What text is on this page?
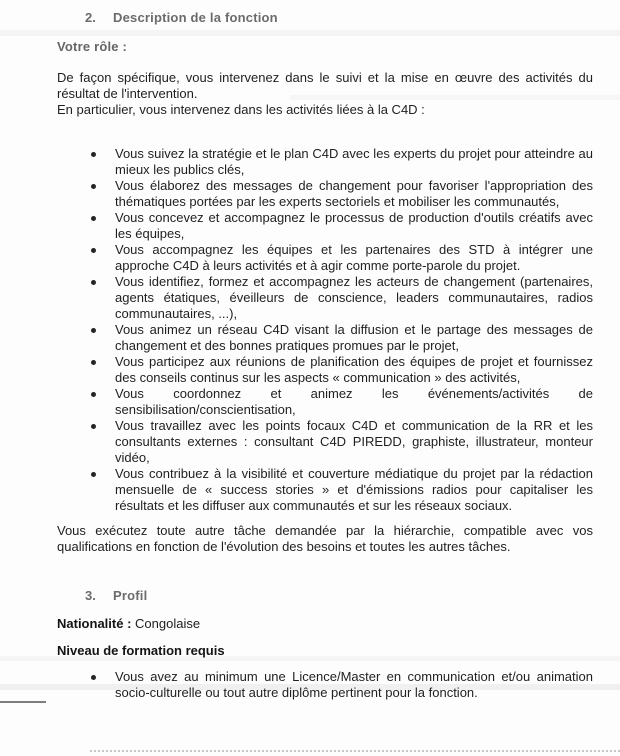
2. Description de la fonction
Votre rôle :

De façon spécifique, vous intervenez dans le suivi et la mise en œuvre des activités du résultat de l'intervention.

En particulier, vous intervenez dans les activités liées à la C4D :

Vous suivez la stratégie et le plan C4D avec les experts du projet pour atteindre au mieux les publics clés,
Vous élaborez des messages de changement pour favoriser l'appropriation des thématiques portées par les experts sectoriels et mobiliser les communautés,
Vous concevez et accompagnez le processus de production d'outils créatifs avec les équipes,
Vous accompagnez les équipes et les partenaires des STD à intégrer une approche C4D à leurs activités et à agir comme porte-parole du projet.
Vous identifiez, formez et accompagnez les acteurs de changement (partenaires, agents étatiques, éveilleurs de conscience, leaders communautaires, radios communautaires, ...),
Vous animez un réseau C4D visant la diffusion et le partage des messages de changement et des bonnes pratiques promues par le projet,
Vous participez aux réunions de planification des équipes de projet et fournissez des conseils continus sur les aspects « communication » des activités,
Vous coordonnez et animez les événements/activités de sensibilisation/conscientisation,
Vous travaillez avec les points focaux C4D et communication de la RR et les consultants externes : consultant C4D PIREDD, graphiste, illustrateur, monteur vidéo,
Vous contribuez à la visibilité et couverture médiatique du projet par la rédaction mensuelle de « success stories » et d'émissions radios pour capitaliser les résultats et les diffuser aux communautés et sur les réseaux sociaux.

Vous exécutez toute autre tâche demandée par la hiérarchie, compatible avec vos qualifications en fonction de l'évolution des besoins et toutes les autres tâches.

3. Profil
Nationalité : Congolaise
Niveau de formation requis
Vous avez au minimum une Licence/Master en communication et/ou animation socio-culturelle ou tout autre diplôme pertinent pour la fonction.
